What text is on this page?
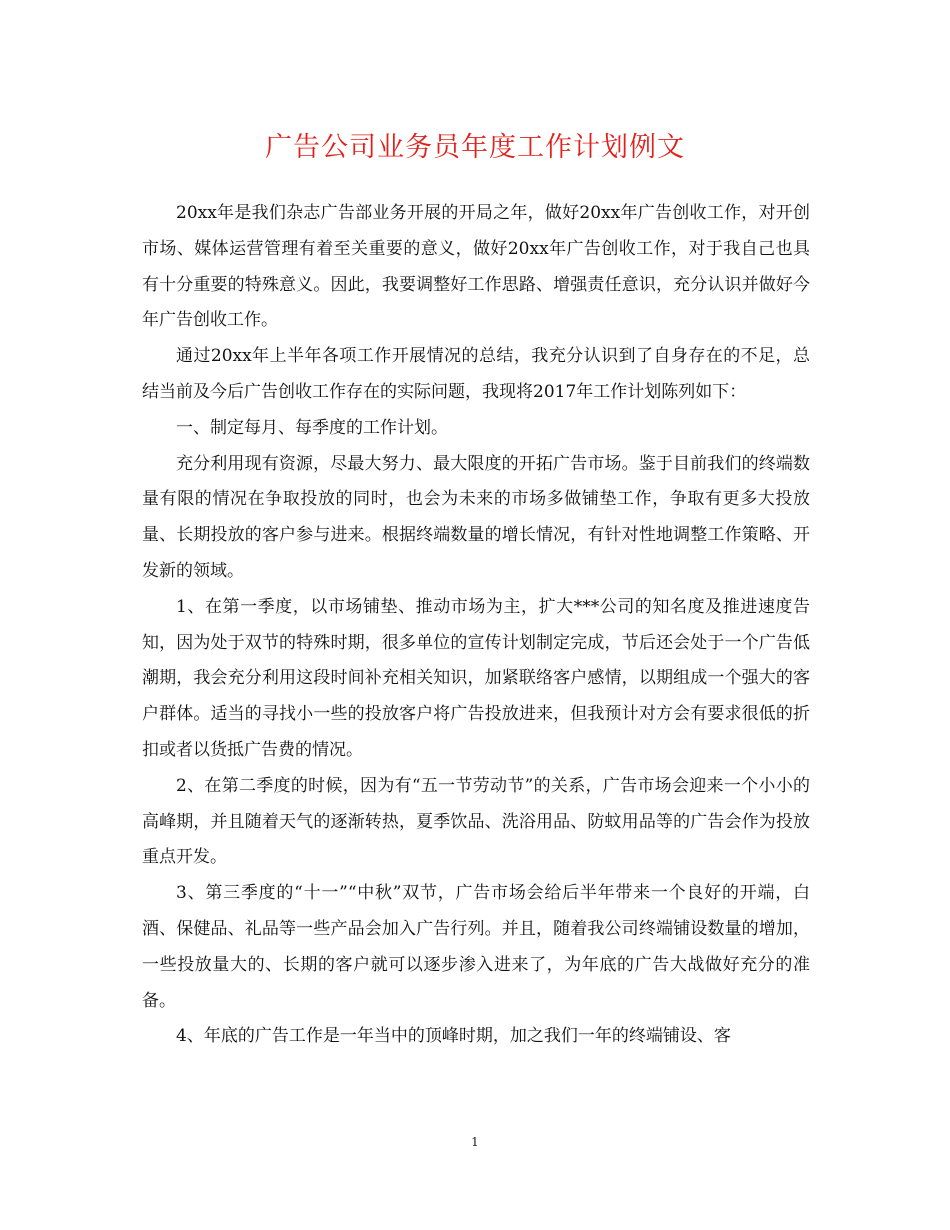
广告公司业务员年度工作计划例文

20xx年是我们杂志广告部业务开展的开局之年，做好20xx年广告创收工作，对开创市场、媒体运营管理有着至关重要的意义，做好20xx年广告创收工作，对于我自己也具有十分重要的特殊意义。因此，我要调整好工作思路、增强责任意识，充分认识并做好今年广告创收工作。

通过20xx年上半年各项工作开展情况的总结，我充分认识到了自身存在的不足，总结当前及今后广告创收工作存在的实际问题，我现将2017年工作计划陈列如下：

一、制定每月、每季度的工作计划。

充分利用现有资源，尽最大努力、最大限度的开拓广告市场。鉴于目前我们的终端数量有限的情况在争取投放的同时，也会为未来的市场多做铺垫工作，争取有更多大投放量、长期投放的客户参与进来。根据终端数量的增长情况，有针对性地调整工作策略、开发新的领域。

1、在第一季度，以市场铺垫、推动市场为主，扩大***公司的知名度及推进速度告知，因为处于双节的特殊时期，很多单位的宣传计划制定完成，节后还会处于一个广告低潮期，我会充分利用这段时间补充相关知识，加紧联络客户感情，以期组成一个强大的客户群体。适当的寻找小一些的投放客户将广告投放进来，但我预计对方会有要求很低的折扣或者以货抵广告费的情况。

2、在第二季度的时候，因为有“五一节劳动节”的关系，广告市场会迎来一个小小的高峰期，并且随着天气的逐渐转热，夏季饮品、洗浴用品、防蚊用品等的广告会作为投放重点开发。

3、第三季度的“十一”“中秋”双节，广告市场会给后半年带来一个良好的开端，白酒、保健品、礼品等一些产品会加入广告行列。并且，随着我公司终端铺设数量的增加，一些投放量大的、长期的客户就可以逐步渗入进来了，为年底的广告大战做好充分的准备。

4、年底的广告工作是一年当中的顶峰时期，加之我们一年的终端铺设、客

1
